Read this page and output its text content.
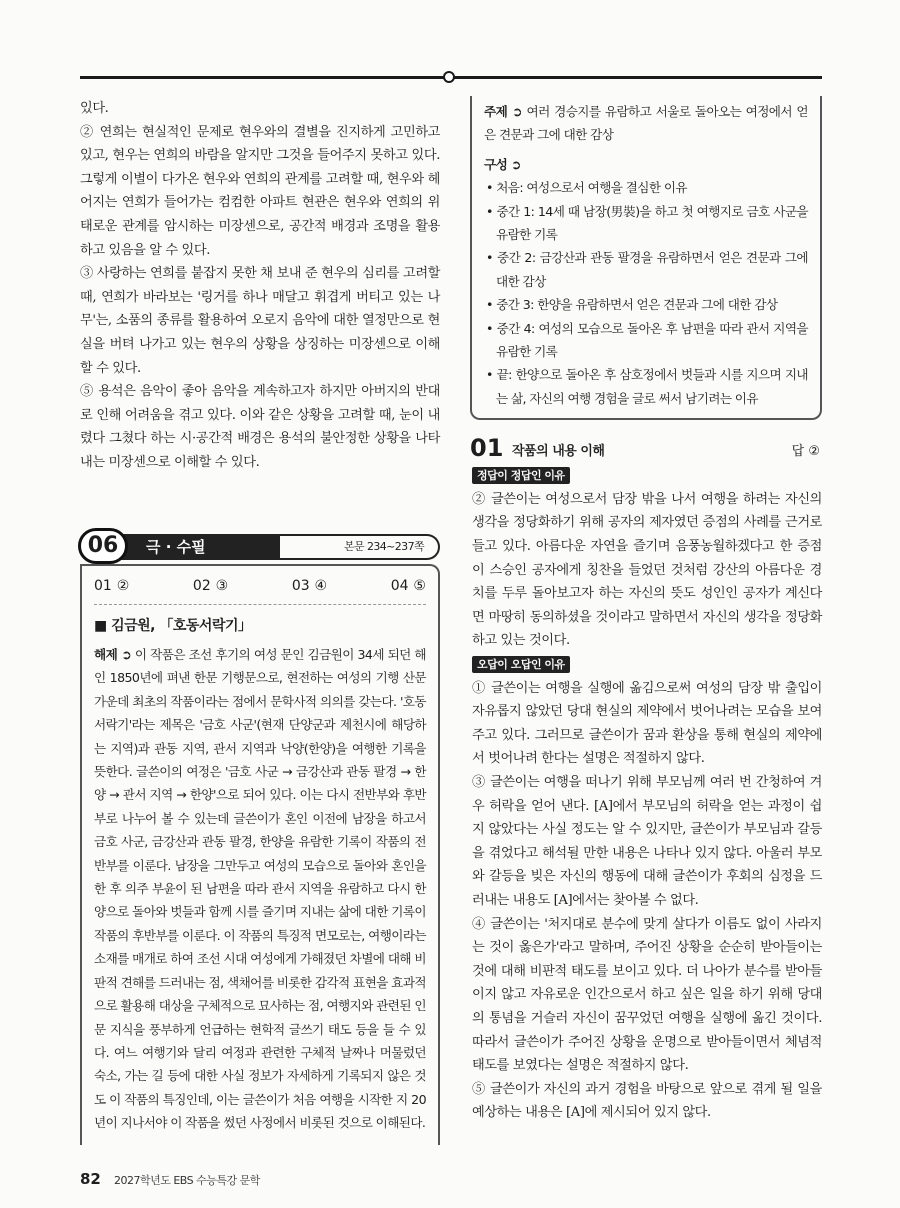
있다.

② 연희는 현실적인 문제로 현우와의 결별을 진지하게 고민하고 있고, 현우는 연희의 바람을 알지만 그것을 들어주지 못하고 있다. 그렇게 이별이 다가온 현우와 연희의 관계를 고려할 때, 현우와 헤어지는 연희가 들어가는 컴컴한 아파트 현관은 현우와 연희의 위태로운 관계를 암시하는 미장센으로, 공간적 배경과 조명을 활용하고 있음을 알 수 있다.

③ 사랑하는 연희를 붙잡지 못한 채 보내 준 현우의 심리를 고려할 때, 연희가 바라보는 '링거를 하나 매달고 휘겹게 버티고 있는 나무'는, 소품의 종류를 활용하여 오로지 음악에 대한 열정만으로 현실을 버텨 나가고 있는 현우의 상황을 상징하는 미장센으로 이해할 수 있다.

⑤ 용석은 음악이 좋아 음악을 계속하고자 하지만 아버지의 반대로 인해 어려움을 겪고 있다. 이와 같은 상황을 고려할 때, 눈이 내렸다 그쳤다 하는 시·공간적 배경은 용석의 불안정한 상황을 나타내는 미장센으로 이해할 수 있다.

06	극 · 수필	본문 234~237쪽
01 ②	02 ③	03 ④	04 ⑤
■ 김금원, 「호동서락기」

해제 ➲ 이 작품은 조선 후기의 여성 문인 김금원이 34세 되던 해인 1850년에 펴낸 한문 기행문으로, 현전하는 여성의 기행 산문 가운데 최초의 작품이라는 점에서 문학사적 의의를 갖는다. '호동서락기'라는 제목은 '금호 사군'(현재 단양군과 제천시에 해당하는 지역)과 관동 지역, 관서 지역과 낙양(한양)을 여행한 기록을 뜻한다. 글쓴이의 여정은 '금호 사군 → 금강산과 관동 팔경 → 한양 → 관서 지역 → 한양'으로 되어 있다. 이는 다시 전반부와 후반부로 나누어 볼 수 있는데 글쓴이가 혼인 이전에 남장을 하고서 금호 사군, 금강산과 관동 팔경, 한양을 유람한 기록이 작품의 전반부를 이룬다. 남장을 그만두고 여성의 모습으로 돌아와 혼인을 한 후 의주 부윤이 된 남편을 따라 관서 지역을 유람하고 다시 한양으로 돌아와 벗들과 함께 시를 즐기며 지내는 삶에 대한 기록이 작품의 후반부를 이룬다. 이 작품의 특징적 면모로는, 여행이라는 소재를 매개로 하여 조선 시대 여성에게 가해졌던 차별에 대해 비판적 견해를 드러내는 점, 색채어를 비롯한 감각적 표현을 효과적으로 활용해 대상을 구체적으로 묘사하는 점, 여행지와 관련된 인문 지식을 풍부하게 언급하는 현학적 글쓰기 태도 등을 들 수 있다. 여느 여행기와 달리 여정과 관련한 구체적 날짜나 머물렀던 숙소, 가는 길 등에 대한 사실 정보가 자세하게 기록되지 않은 것도 이 작품의 특징인데, 이는 글쓴이가 처음 여행을 시작한 지 20년이 지나서야 이 작품을 썼던 사정에서 비롯된 것으로 이해된다.

82 2027학년도 EBS 수능특강 문학

주제 ➲ 여러 경승지를 유람하고 서울로 돌아오는 여정에서 얻은 견문과 그에 대한 감상

구성 ➲

• 처음: 여성으로서 여행을 결심한 이유

• 중간 1: 14세 때 남장(男裝)을 하고 첫 여행지로 금호 사군을 유람한 기록

• 중간 2: 금강산과 관동 팔경을 유람하면서 얻은 견문과 그에 대한 감상

• 중간 3: 한양을 유람하면서 얻은 견문과 그에 대한 감상

• 중간 4: 여성의 모습으로 돌아온 후 남편을 따라 관서 지역을 유람한 기록

• 끝: 한양으로 돌아온 후 삼호정에서 벗들과 시를 지으며 지내는 삶, 자신의 여행 경험을 글로 써서 남기려는 이유

01 작품의 내용 이해	답 ②
정답이 정답인 이유

② 글쓴이는 여성으로서 담장 밖을 나서 여행을 하려는 자신의 생각을 정당화하기 위해 공자의 제자였던 증점의 사례를 근거로 들고 있다. 아름다운 자연을 즐기며 음풍농월하겠다고 한 증점이 스승인 공자에게 칭찬을 들었던 것처럼 강산의 아름다운 경치를 두루 돌아보고자 하는 자신의 뜻도 성인인 공자가 계신다면 마땅히 동의하셨을 것이라고 말하면서 자신의 생각을 정당화하고 있는 것이다.

오답이 오답인 이유

① 글쓴이는 여행을 실행에 옮김으로써 여성의 담장 밖 출입이 자유롭지 않았던 당대 현실의 제약에서 벗어나려는 모습을 보여 주고 있다. 그러므로 글쓴이가 꿈과 환상을 통해 현실의 제약에서 벗어나려 한다는 설명은 적절하지 않다.

③ 글쓴이는 여행을 떠나기 위해 부모님께 여러 번 간청하여 겨우 허락을 얻어 낸다. [A]에서 부모님의 허락을 얻는 과정이 쉽지 않았다는 사실 정도는 알 수 있지만, 글쓴이가 부모님과 갈등을 겪었다고 해석될 만한 내용은 나타나 있지 않다. 아울러 부모와 갈등을 빚은 자신의 행동에 대해 글쓴이가 후회의 심정을 드러내는 내용도 [A]에서는 찾아볼 수 없다.

④ 글쓴이는 '처지대로 분수에 맞게 살다가 이름도 없이 사라지는 것이 옳은가'라고 말하며, 주어진 상황을 순순히 받아들이는 것에 대해 비판적 태도를 보이고 있다. 더 나아가 분수를 받아들이지 않고 자유로운 인간으로서 하고 싶은 일을 하기 위해 당대의 통념을 거슬러 자신이 꿈꾸었던 여행을 실행에 옮긴 것이다. 따라서 글쓴이가 주어진 상황을 운명으로 받아들이면서 체념적 태도를 보였다는 설명은 적절하지 않다.

⑤ 글쓴이가 자신의 과거 경험을 바탕으로 앞으로 겪게 될 일을 예상하는 내용은 [A]에 제시되어 있지 않다.
